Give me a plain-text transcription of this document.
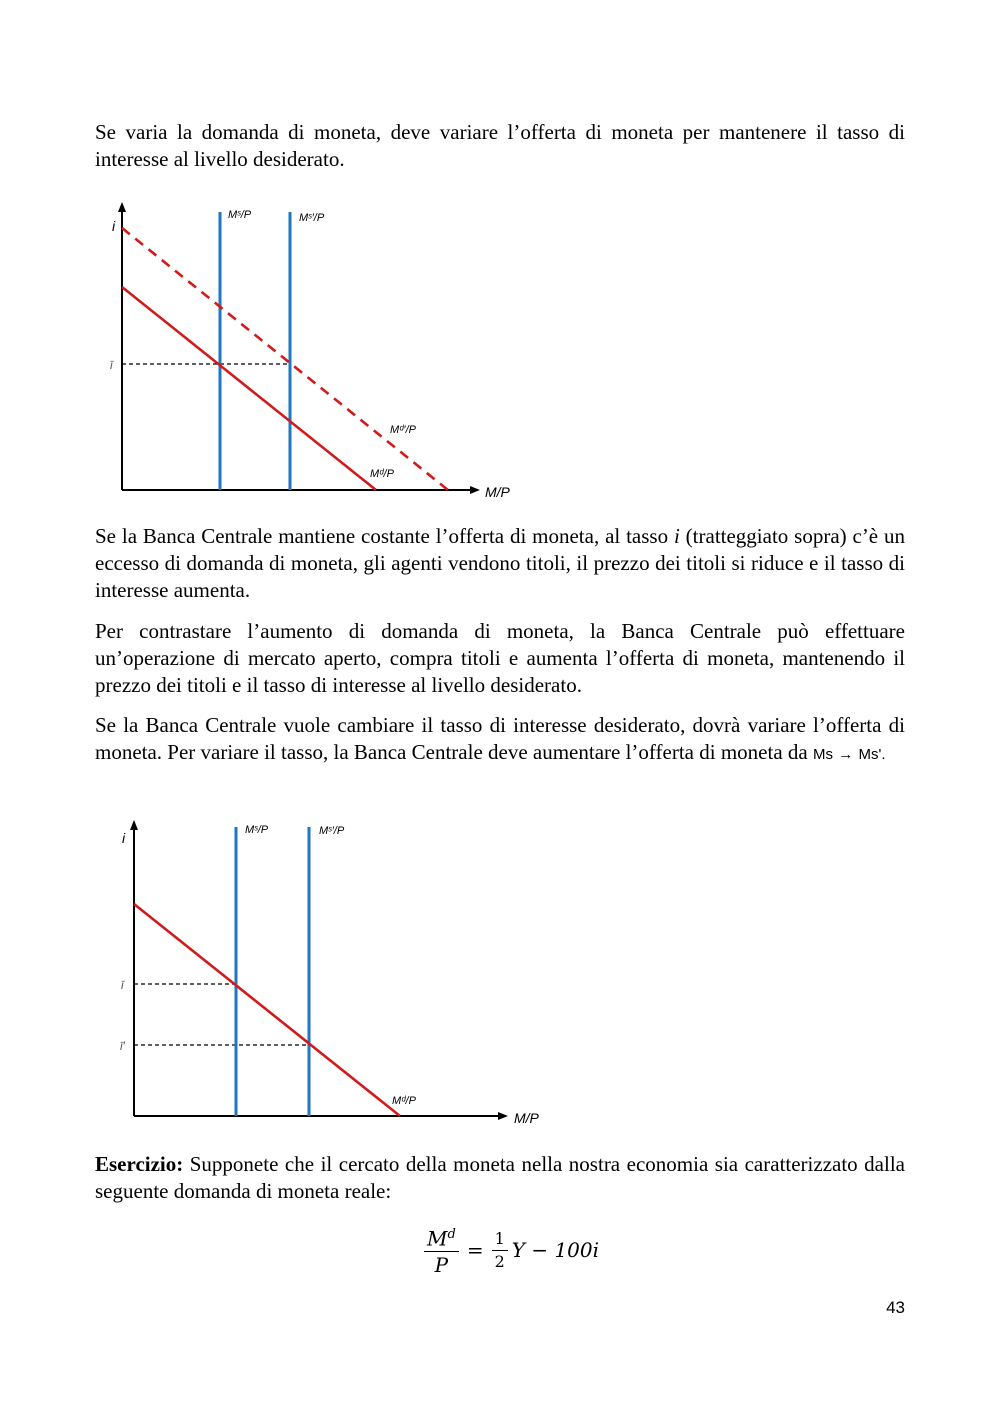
Se varia la domanda di moneta, deve variare l’offerta di moneta per mantenere il tasso di interesse al livello desiderato.

i
M/P
ī
Mˢ/P	Mˢ′/P
Mᵈ′/P
Mᵈ/P

Se la Banca Centrale mantiene costante l’offerta di moneta, al tasso i (tratteggiato sopra) c’è un eccesso di domanda di moneta, gli agenti vendono titoli, il prezzo dei titoli si riduce e il tasso di interesse aumenta.

Per contrastare l’aumento di domanda di moneta, la Banca Centrale può effettuare un’operazione di mercato aperto, compra titoli e aumenta l’offerta di moneta, mantenendo il prezzo dei titoli e il tasso di interesse al livello desiderato.

Se la Banca Centrale vuole cambiare il tasso di interesse desiderato, dovrà variare l’offerta di moneta. Per variare il tasso, la Banca Centrale deve aumentare l’offerta di moneta da Ms → Ms'.

i
M/P
ī
ī′
Mˢ/P	Mˢ′/P
Mᵈ/P

Esercizio: Supponete che il cercato della moneta nella nostra economia sia caratterizzato dalla seguente domanda di moneta reale:

$\frac{M^d}{P} = \frac{1}{2}$ Y − 100i
43
